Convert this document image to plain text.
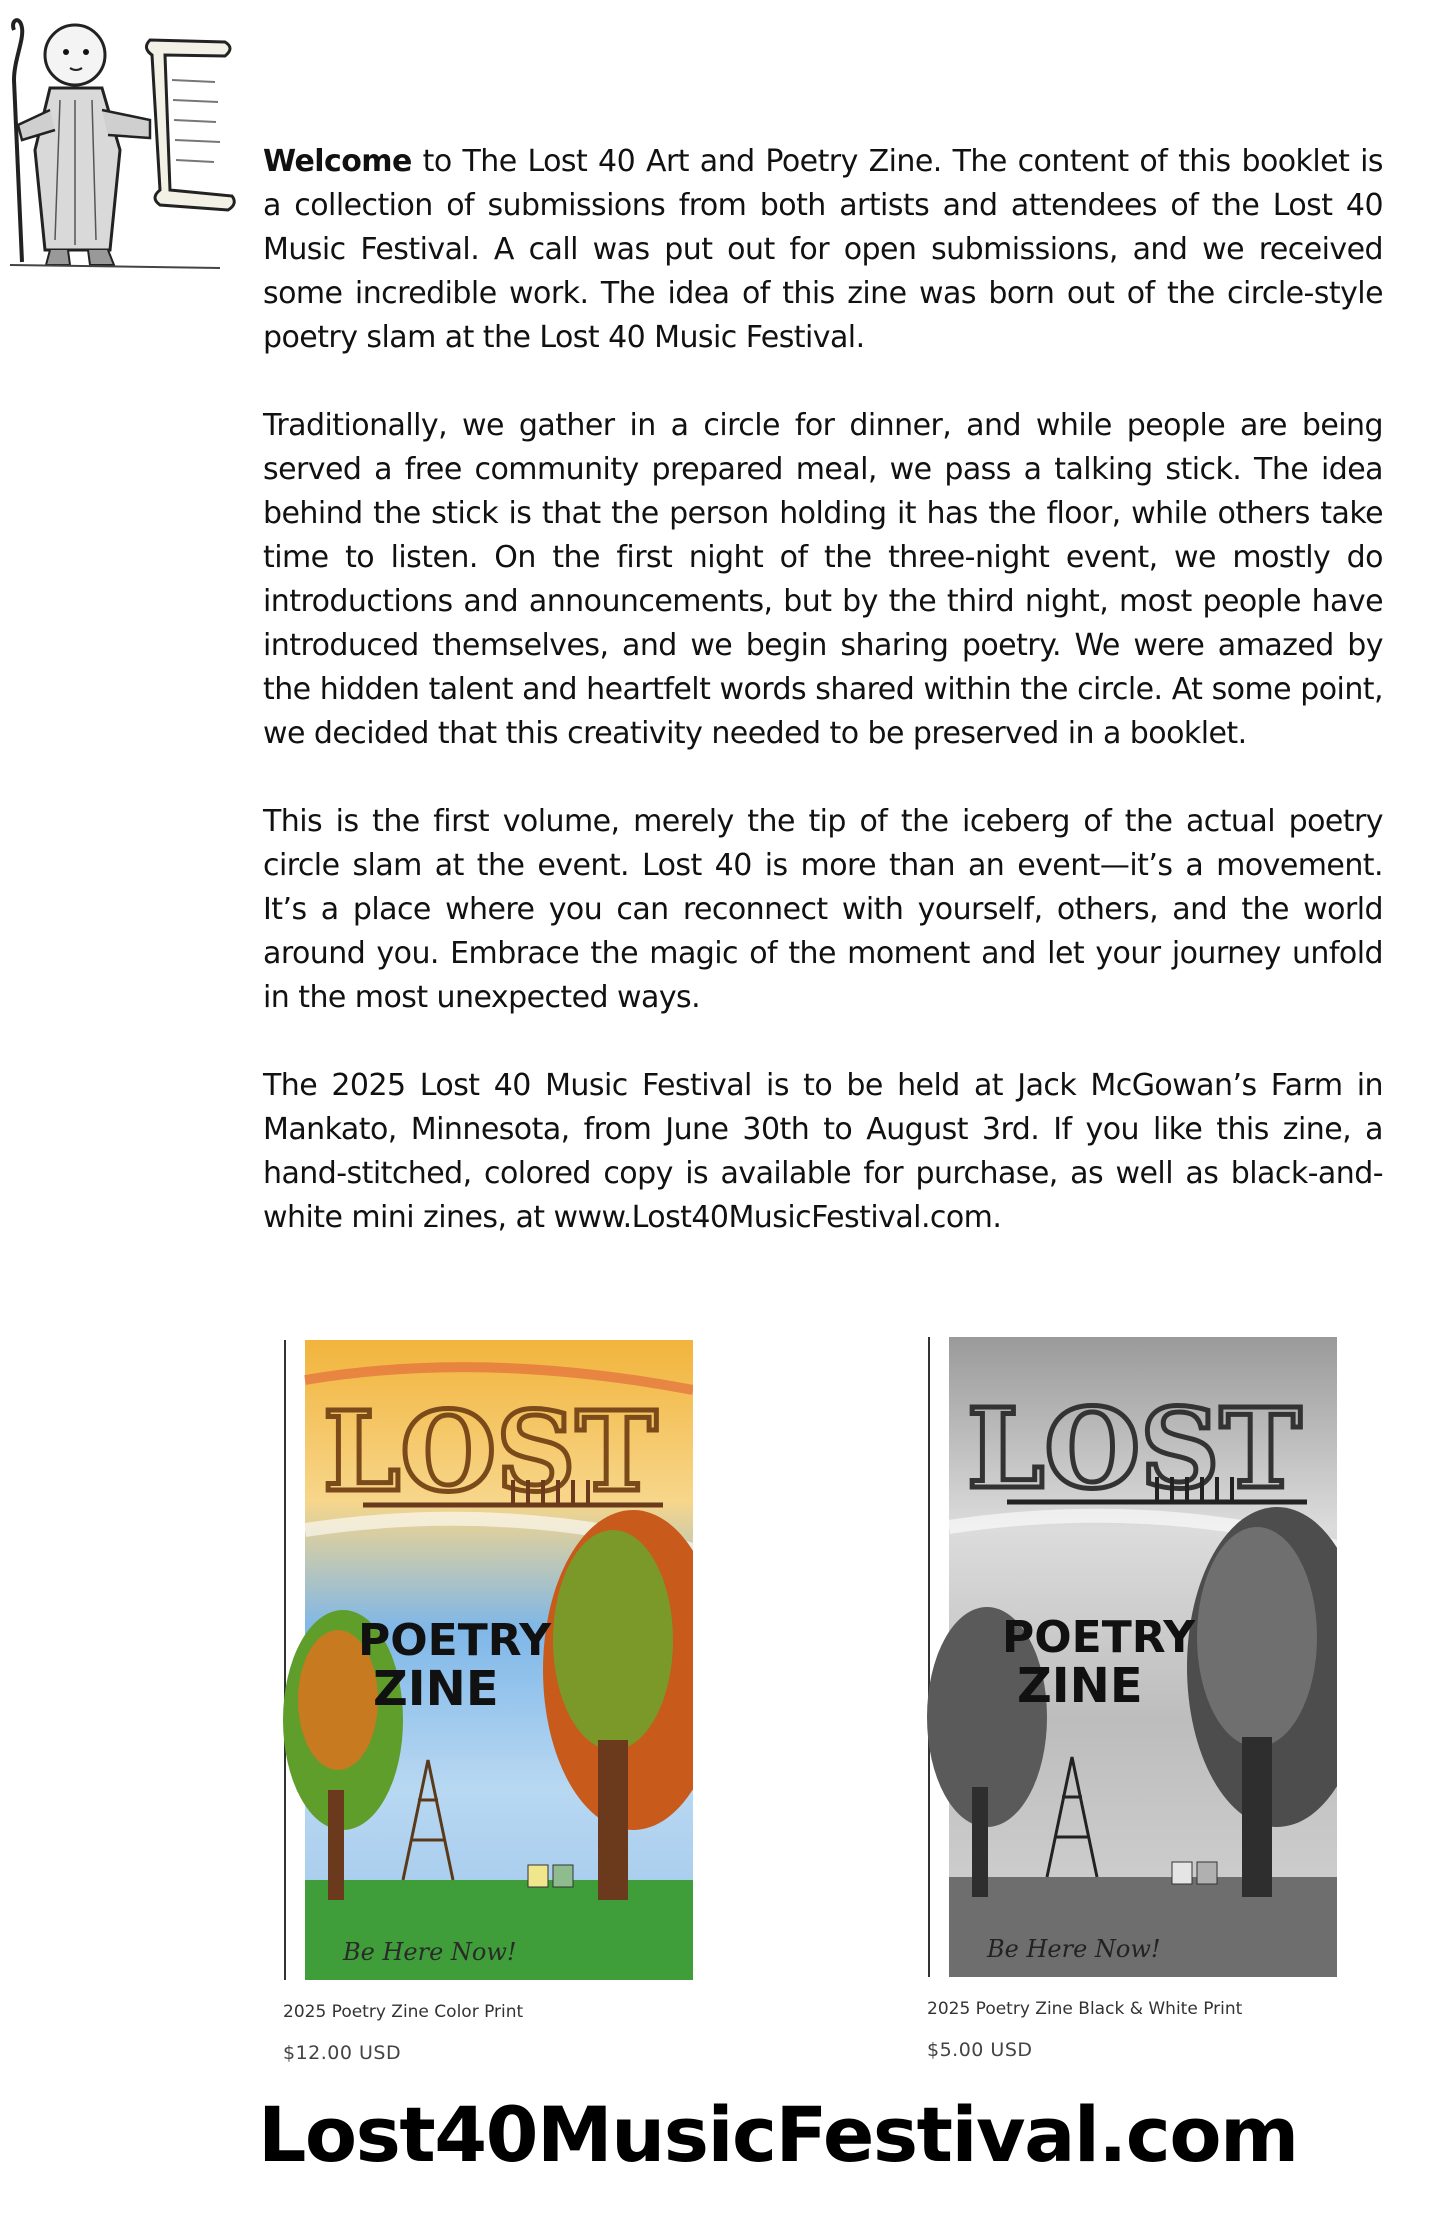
Welcome to The Lost 40 Art and Poetry Zine. The content of this booklet is a collection of submissions from both artists and attendees of the Lost 40 Music Festival. A call was put out for open submissions, and we received some incredible work. The idea of this zine was born out of the circle-style poetry slam at the Lost 40 Music Festival.

Traditionally, we gather in a circle for dinner, and while people are being served a free community prepared meal, we pass a talking stick. The idea behind the stick is that the person holding it has the floor, while others take time to listen. On the first night of the three-night event, we mostly do introductions and announcements, but by the third night, most people have introduced themselves, and we begin sharing poetry. We were amazed by the hidden talent and heartfelt words shared within the circle. At some point, we decided that this creativity needed to be preserved in a booklet.

This is the first volume, merely the tip of the iceberg of the actual poetry circle slam at the event. Lost 40 is more than an event—it’s a movement. It’s a place where you can reconnect with yourself, others, and the world around you. Embrace the magic of the moment and let your journey unfold in the most unexpected ways.

The 2025 Lost 40 Music Festival is to be held at Jack McGowan’s Farm in Mankato, Minnesota, from June 30th to August 3rd. If you like this zine, a hand-stitched, colored copy is available for purchase, as well as black-and-white mini zines, at www.Lost40MusicFestival.com.

LOST
POETRY
ZINE
Be Here Now!
2025 Poetry Zine Color Print
$12.00 USD
LOST
POETRY
ZINE
Be Here Now!
2025 Poetry Zine Black & White Print
$5.00 USD
Lost40MusicFestival.com
